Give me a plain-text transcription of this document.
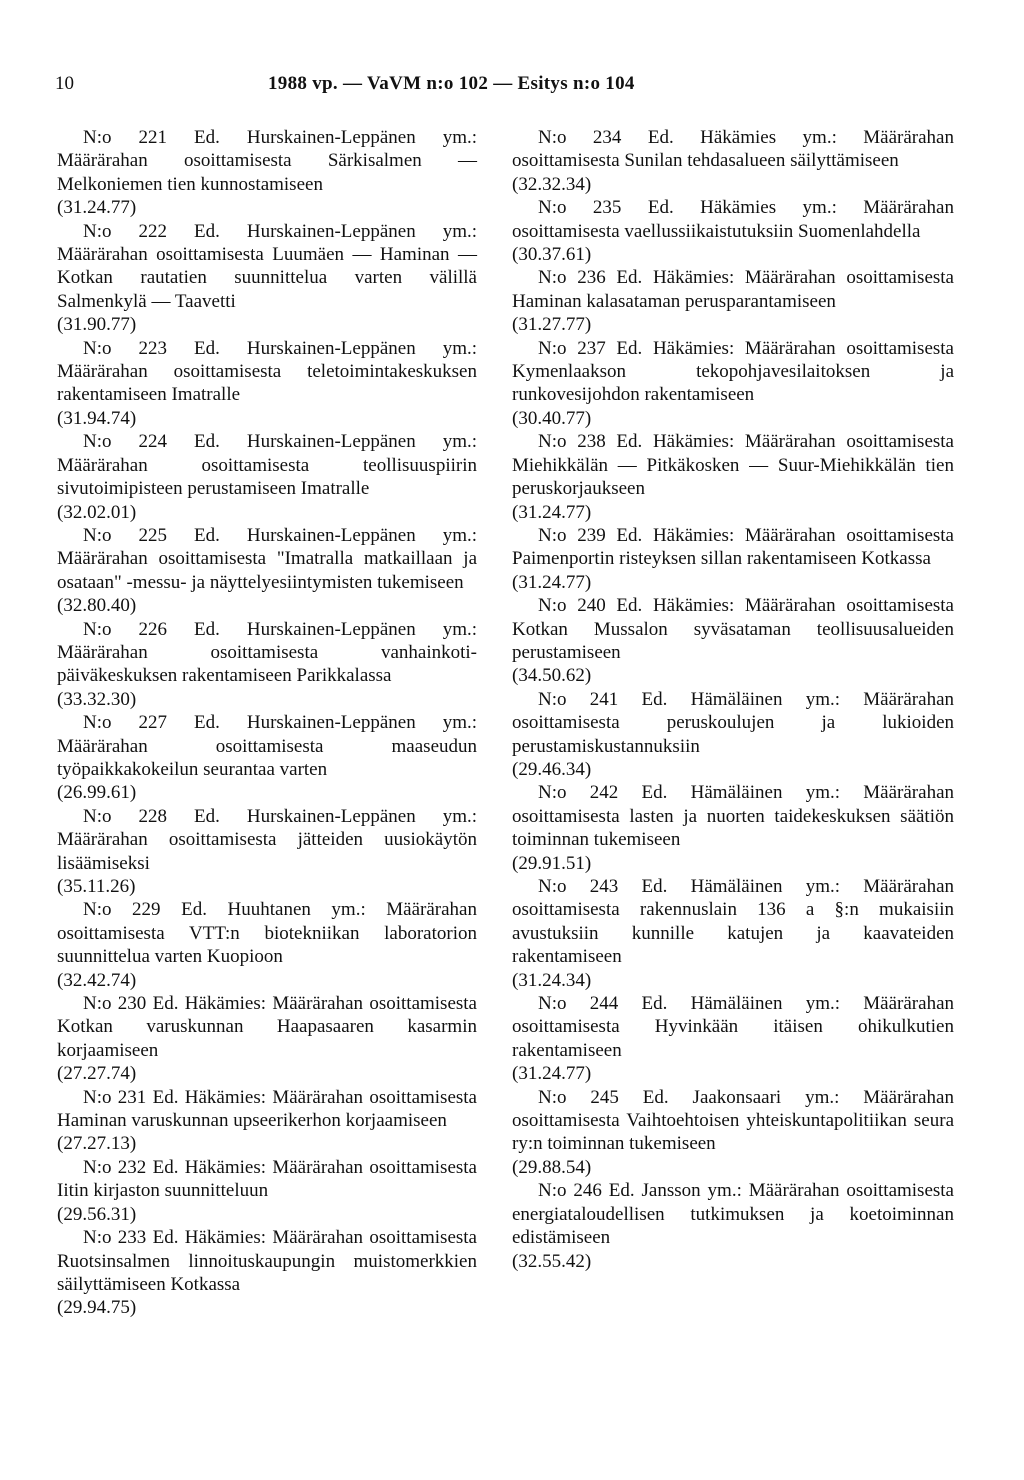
10	1988 vp. — VaVM n:o 102 — Esitys n:o 104
N:o 221 Ed. Hurskainen-Leppänen ym.: Määrärahan osoittamisesta Särkisalmen — Melkoniemen tien kunnostamiseen
(31.24.77)
N:o 222 Ed. Hurskainen-Leppänen ym.: Määrärahan osoittamisesta Luumäen — Haminan — Kotkan rautatien suunnittelua varten välillä Salmenkylä — Taavetti
(31.90.77)
N:o 223 Ed. Hurskainen-Leppänen ym.: Määrärahan osoittamisesta teletoimintakeskuksen rakentamiseen Imatralle
(31.94.74)
N:o 224 Ed. Hurskainen-Leppänen ym.: Määrärahan osoittamisesta teollisuuspiirin sivutoimipisteen perustamiseen Imatralle
(32.02.01)
N:o 225 Ed. Hurskainen-Leppänen ym.: Määrärahan osoittamisesta "Imatralla matkaillaan ja osataan" -messu- ja näyttelyesiintymisten tukemiseen
(32.80.40)
N:o 226 Ed. Hurskainen-Leppänen ym.: Määrärahan osoittamisesta vanhainkoti-päiväkeskuksen rakentamiseen Parikkalassa
(33.32.30)
N:o 227 Ed. Hurskainen-Leppänen ym.: Määrärahan osoittamisesta maaseudun työpaikkakokeilun seurantaa varten
(26.99.61)
N:o 228 Ed. Hurskainen-Leppänen ym.: Määrärahan osoittamisesta jätteiden uusiokäytön lisäämiseksi
(35.11.26)
N:o 229 Ed. Huuhtanen ym.: Määrärahan osoittamisesta VTT:n biotekniikan laboratorion suunnittelua varten Kuopioon
(32.42.74)
N:o 230 Ed. Häkämies: Määrärahan osoittamisesta Kotkan varuskunnan Haapasaaren kasarmin korjaamiseen
(27.27.74)
N:o 231 Ed. Häkämies: Määrärahan osoittamisesta Haminan varuskunnan upseerikerhon korjaamiseen
(27.27.13)
N:o 232 Ed. Häkämies: Määrärahan osoittamisesta Iitin kirjaston suunnitteluun
(29.56.31)
N:o 233 Ed. Häkämies: Määrärahan osoittamisesta Ruotsinsalmen linnoituskaupungin muistomerkkien säilyttämiseen Kotkassa
(29.94.75)
N:o 234 Ed. Häkämies ym.: Määrärahan osoittamisesta Sunilan tehdasalueen säilyttämiseen
(32.32.34)
N:o 235 Ed. Häkämies ym.: Määrärahan osoittamisesta vaellussiikaistutuksiin Suomenlahdella
(30.37.61)
N:o 236 Ed. Häkämies: Määrärahan osoittamisesta Haminan kalasataman perusparantamiseen
(31.27.77)
N:o 237 Ed. Häkämies: Määrärahan osoittamisesta Kymenlaakson tekopohjavesilaitoksen ja runkovesijohdon rakentamiseen
(30.40.77)
N:o 238 Ed. Häkämies: Määrärahan osoittamisesta Miehikkälän — Pitkäkosken — Suur-Miehikkälän tien peruskorjaukseen
(31.24.77)
N:o 239 Ed. Häkämies: Määrärahan osoittamisesta Paimenportin risteyksen sillan rakentamiseen Kotkassa
(31.24.77)
N:o 240 Ed. Häkämies: Määrärahan osoittamisesta Kotkan Mussalon syväsataman teollisuusalueiden perustamiseen
(34.50.62)
N:o 241 Ed. Hämäläinen ym.: Määrärahan osoittamisesta peruskoulujen ja lukioiden perustamiskustannuksiin
(29.46.34)
N:o 242 Ed. Hämäläinen ym.: Määrärahan osoittamisesta lasten ja nuorten taidekeskuksen säätiön toiminnan tukemiseen
(29.91.51)
N:o 243 Ed. Hämäläinen ym.: Määrärahan osoittamisesta rakennuslain 136 a §:n mukaisiin avustuksiin kunnille katujen ja kaavateiden rakentamiseen
(31.24.34)
N:o 244 Ed. Hämäläinen ym.: Määrärahan osoittamisesta Hyvinkään itäisen ohikulkutien rakentamiseen
(31.24.77)
N:o 245 Ed. Jaakonsaari ym.: Määrärahan osoittamisesta Vaihtoehtoisen yhteiskuntapolitiikan seura ry:n toiminnan tukemiseen
(29.88.54)
N:o 246 Ed. Jansson ym.: Määrärahan osoittamisesta energiataloudellisen tutkimuksen ja koetoiminnan edistämiseen
(32.55.42)
